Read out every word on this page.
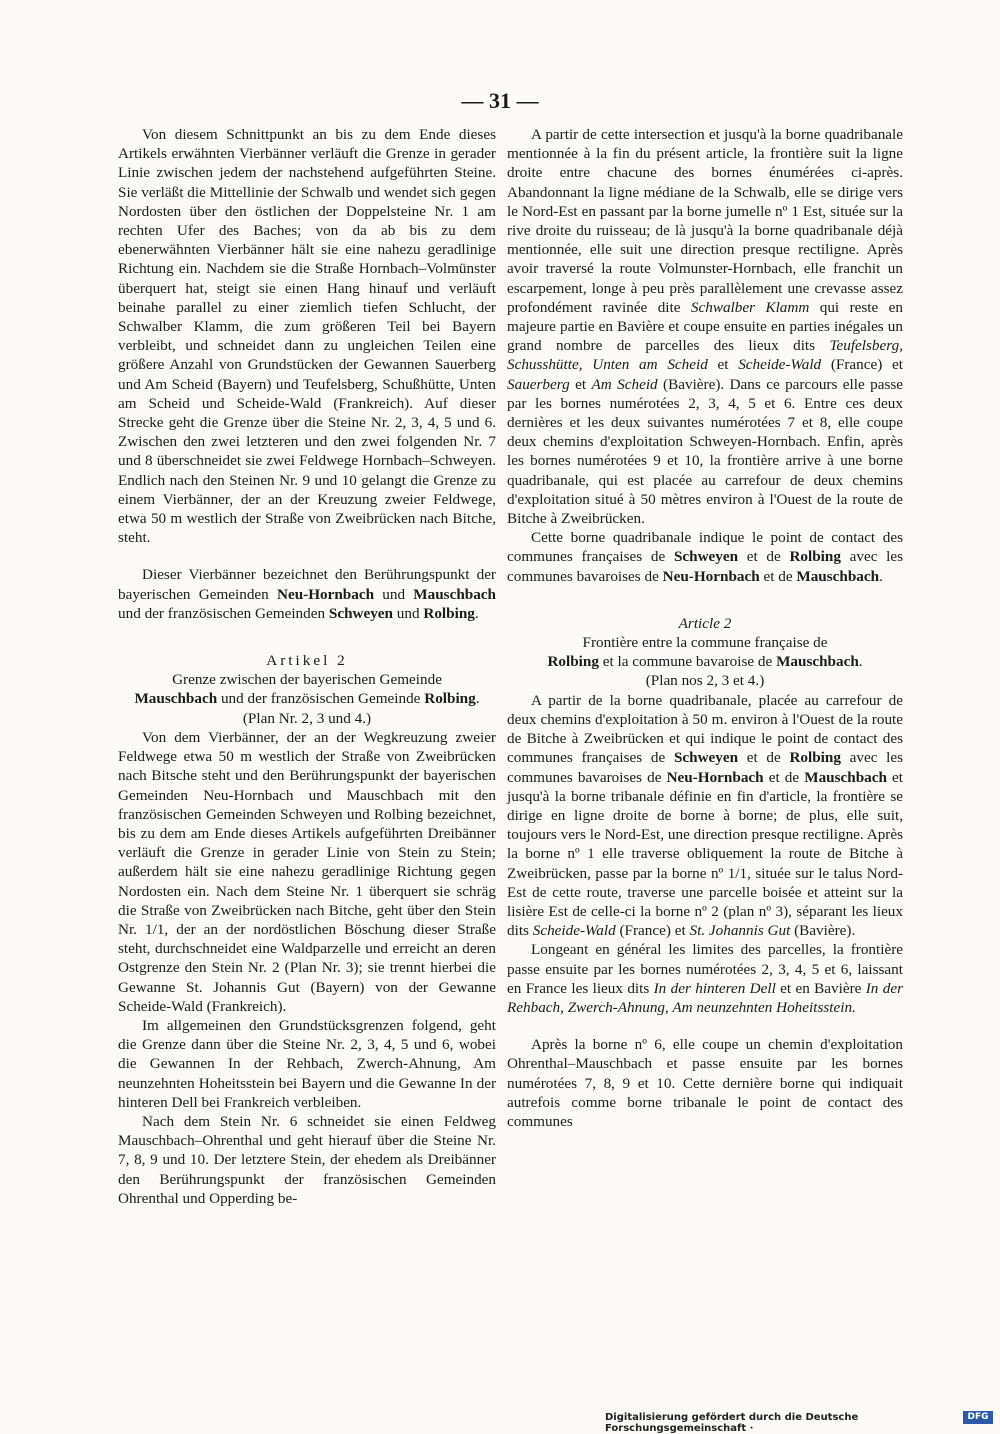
— 31 —

Von diesem Schnittpunkt an bis zu dem Ende dieses Artikels erwähnten Vierbänner verläuft die Grenze in gerader Linie zwischen jedem der nachstehend aufgeführten Steine. Sie verläßt die Mittellinie der Schwalb und wendet sich gegen Nordosten über den östlichen der Doppelsteine Nr. 1 am rechten Ufer des Baches; von da ab bis zu dem ebenerwähnten Vierbänner hält sie eine nahezu geradlinige Richtung ein. Nachdem sie die Straße Hornbach–Volmünster überquert hat, steigt sie einen Hang hinauf und verläuft beinahe parallel zu einer ziemlich tiefen Schlucht, der Schwalber Klamm, die zum größeren Teil bei Bayern verbleibt, und schneidet dann zu ungleichen Teilen eine größere Anzahl von Grundstücken der Gewannen Sauerberg und Am Scheid (Bayern) und Teufelsberg, Schußhütte, Unten am Scheid und Scheide-Wald (Frankreich). Auf dieser Strecke geht die Grenze über die Steine Nr. 2, 3, 4, 5 und 6. Zwischen den zwei letzteren und den zwei folgenden Nr. 7 und 8 überschneidet sie zwei Feldwege Hornbach–Schweyen. Endlich nach den Steinen Nr. 9 und 10 gelangt die Grenze zu einem Vierbänner, der an der Kreuzung zweier Feldwege, etwa 50 m westlich der Straße von Zweibrücken nach Bitche, steht.

Dieser Vierbänner bezeichnet den Berührungspunkt der bayerischen Gemeinden Neu-Hornbach und Mauschbach und der französischen Gemeinden Schweyen und Rolbing.

Artikel 2

Grenze zwischen der bayerischen Gemeinde
Mauschbach und der französischen Gemeinde Rolbing.
(Plan Nr. 2, 3 und 4.)

Von dem Vierbänner, der an der Wegkreuzung zweier Feldwege etwa 50 m westlich der Straße von Zweibrücken nach Bitsche steht und den Berührungspunkt der bayerischen Gemeinden Neu-Hornbach und Mauschbach mit den französischen Gemeinden Schweyen und Rolbing bezeichnet, bis zu dem am Ende dieses Artikels aufgeführten Dreibänner verläuft die Grenze in gerader Linie von Stein zu Stein; außerdem hält sie eine nahezu geradlinige Richtung gegen Nordosten ein. Nach dem Steine Nr. 1 überquert sie schräg die Straße von Zweibrücken nach Bitche, geht über den Stein Nr. 1/1, der an der nordöstlichen Böschung dieser Straße steht, durchschneidet eine Waldparzelle und erreicht an deren Ostgrenze den Stein Nr. 2 (Plan Nr. 3); sie trennt hierbei die Gewanne St. Johannis Gut (Bayern) von der Gewanne Scheide-Wald (Frankreich).

Im allgemeinen den Grundstücksgrenzen folgend, geht die Grenze dann über die Steine Nr. 2, 3, 4, 5 und 6, wobei die Gewannen In der Rehbach, Zwerch-Ahnung, Am neunzehnten Hoheitsstein bei Bayern und die Gewanne In der hinteren Dell bei Frankreich verbleiben.

Nach dem Stein Nr. 6 schneidet sie einen Feldweg Mauschbach–Ohrenthal und geht hierauf über die Steine Nr. 7, 8, 9 und 10. Der letztere Stein, der ehedem als Dreibänner den Berührungspunkt der französischen Gemeinden Ohrenthal und Opperding be-

A partir de cette intersection et jusqu'à la borne quadribanale mentionnée à la fin du présent article, la frontière suit la ligne droite entre chacune des bornes énumérées ci-après. Abandonnant la ligne médiane de la Schwalb, elle se dirige vers le Nord-Est en passant par la borne jumelle nº 1 Est, située sur la rive droite du ruisseau; de là jusqu'à la borne quadribanale déjà mentionnée, elle suit une direction presque rectiligne. Après avoir traversé la route Volmunster-Hornbach, elle franchit un escarpement, longe à peu près parallèlement une crevasse assez profondément ravinée dite Schwalber Klamm qui reste en majeure partie en Bavière et coupe ensuite en parties inégales un grand nombre de parcelles des lieux dits Teufelsberg, Schusshütte, Unten am Scheid et Scheide-Wald (France) et Sauerberg et Am Scheid (Bavière). Dans ce parcours elle passe par les bornes numérotées 2, 3, 4, 5 et 6. Entre ces deux dernières et les deux suivantes numérotées 7 et 8, elle coupe deux chemins d'exploitation Schweyen-Hornbach. Enfin, après les bornes numérotées 9 et 10, la frontière arrive à une borne quadribanale, qui est placée au carrefour de deux chemins d'exploitation situé à 50 mètres environ à l'Ouest de la route de Bitche à Zweibrücken.

Cette borne quadribanale indique le point de contact des communes françaises de Schweyen et de Rolbing avec les communes bavaroises de Neu-Hornbach et de Mauschbach.

Article 2

Frontière entre la commune française de
Rolbing et la commune bavaroise de Mauschbach.
(Plan nos 2, 3 et 4.)

A partir de la borne quadribanale, placée au carrefour de deux chemins d'exploitation à 50 m. environ à l'Ouest de la route de Bitche à Zweibrücken et qui indique le point de contact des communes françaises de Schweyen et de Rolbing avec les communes bavaroises de Neu-Hornbach et de Mauschbach et jusqu'à la borne tribanale définie en fin d'article, la frontière se dirige en ligne droite de borne à borne; de plus, elle suit, toujours vers le Nord-Est, une direction presque rectiligne. Après la borne nº 1 elle traverse obliquement la route de Bitche à Zweibrücken, passe par la borne nº 1/1, située sur le talus Nord-Est de cette route, traverse une parcelle boisée et atteint sur la lisière Est de celle-ci la borne nº 2 (plan nº 3), séparant les lieux dits Scheide-Wald (France) et St. Johannis Gut (Bavière).

Longeant en général les limites des parcelles, la frontière passe ensuite par les bornes numérotées 2, 3, 4, 5 et 6, laissant en France les lieux dits In der hinteren Dell et en Bavière In der Rehbach, Zwerch-Ahnung, Am neunzehnten Hoheitsstein.

Après la borne nº 6, elle coupe un chemin d'exploitation Ohrenthal–Mauschbach et passe ensuite par les bornes numérotées 7, 8, 9 et 10. Cette dernière borne qui indiquait autrefois comme borne tribanale le point de contact des communes

Digitalisierung gefördert durch die Deutsche Forschungsgemeinschaft ·
DFG
